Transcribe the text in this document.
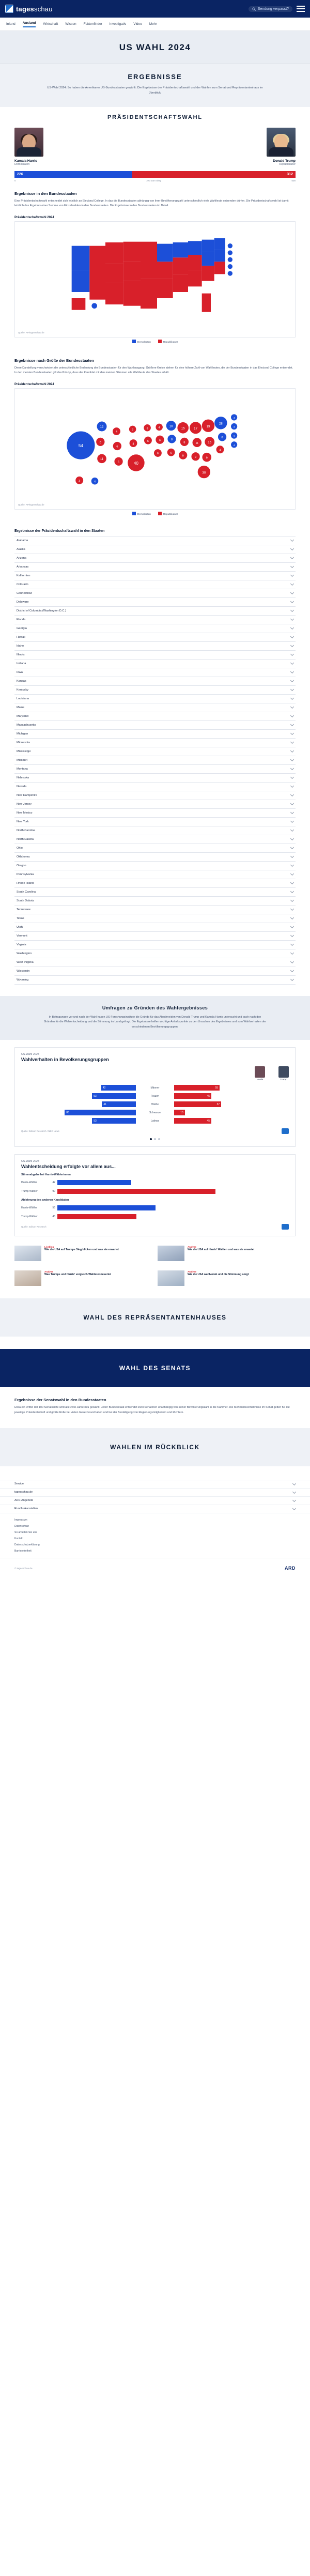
tagesschau	Sendung verpasst?
Inland Ausland Wirtschaft Wissen Faktenfinder Investigativ Video Mehr
US WAHL 2024
ERGEBNISSE

US-Wahl 2024: So haben die Amerikaner US-Bundesstaaten gewählt. Die Ergebnisse der Präsidentschaftswahl und der Wahlen zum Senat und Repräsentantenhaus im Überblick.

PRÄSIDENTSCHAFTSWAHL
Kamala Harris
Demokraten
Donald Trump
Republikaner
226	312
0	270 zum Sieg	538
Ergebnisse in den Bundesstaaten

Eine Präsidentschaftswahl entscheidet sich letztlich an Electoral College. In das die Bundesstaaten abhängig von ihrer Bevölkerungszahl unterschiedlich viele Wahlleute entsenden dürfen. Die Präsidentschaftswahl ist damit letztlich das Ergebnis einer Summe von Einzelwahlen in den Bundesstaaten. Die Ergebnisse in den Bundesstaaten im Detail.

Präsidentschaftswahl 2024
Quelle: AP/tagesschau.de
Demokraten	Republikaner
Ergebnisse nach Größe der Bundesstaaten

Diese Darstellung verschwistert die unterschiedliche Bedeutung der Bundesstaaten für den Wahlausgang. Größere Kreise stehen für eine höhere Zahl von Wahlleuten, die der Bundesstaaten in das Electoral College entsendet. In den meisten Bundesstaaten gilt das Prinzip, dass der Kandidat mit den meisten Stimmen alle Wahlleute des Staates erhält.

Präsidentschaftswahl 2024
54
12
6
11
4
6
5
3
4
40
3
6
4
6
6
10
8
6
15
8
9
17
11
9
19
16
9
30
28
8
4
4
3
3
4
3	4
Quelle: AP/tagesschau.de
Demokraten	Republikaner
Ergebnisse der Präsidentschaftswahl in den Staaten
Alabama
Alaska
Arizona
Arkansas
Kalifornien
Colorado
Connecticut
Delaware
District of Columbia (Washington D.C.)
Florida
Georgia
Hawaii
Idaho
Illinois
Indiana
Iowa
Kansas
Kentucky
Louisiana
Maine
Maryland
Massachusetts
Michigan
Minnesota
Mississippi
Missouri
Montana
Nebraska
Nevada
New Hampshire
New Jersey
New Mexico
New York
North Carolina
North Dakota
Ohio
Oklahoma
Oregon
Pennsylvania
Rhode Island
South Carolina
South Dakota
Tennessee
Texas
Utah
Vermont
Virginia
Washington
West Virginia
Wisconsin
Wyoming
Umfragen zu Gründen des Wahlergebnisses

In Befragungen vor und nach der Wahl haben US-Forschungsinstitute die Gründe für das Abschneiden von Donald Trump und Kamala Harris untersucht und auch nach den Gründen für die Wahlentscheidung und die Stimmung im Land gefragt. Die Ergebnisse helfen wichtige Anhaltspunkte zu den Ursachen des Ergebnisses und zum Wahlverhalten der verschiedenen Bevölkerungsgruppen.

US-Wahl 2024
Wahlverhalten in Bevölkerungsgruppen
Harris	Trump
42	Männer	55
53	Frauen	45
41	Weiße	57
86	Schwarze	13
53	Latinos	45
Quelle: Edison Research / NBC News
US-Wahl 2024
Wahlentscheidung erfolgte vor allem aus...
Stimmabgabe bei Harris-Wählerinnen
Harris-Wähler	42
Trump-Wähler	90
Ablehnung des anderen Kandidaten
Harris-Wähler	56
Trump-Wähler	45
Quelle: Edison Research
Liveblog
Wie die USA auf Trumps Sieg blicken und was sie erwartet
Analyse
Wie die USA auf Harris' Wahlen und was sie erwartet
Analyse
Was Trumps und Harris' vergleich-Wahlerei-neuerlei
Analyse
Wie die USA wahlvorab und die Stimmung sorgt
WAHL DES REPRÄSENTANTENHAUSES
WAHL DES SENATS
Ergebnisse der Senatswahl in den Bundesstaaten

Etwa ein Drittel der 100 Senatssitze wird alle zwei Jahre neu gewählt. Jeder Bundesstaat entsendet zwei Senatoren unabhängig von seiner Bevölkerungszahl in die Kammer. Die Mehrheitsverhältnisse im Senat gelten für die jeweilige Präsidentschaft und große Rolle bei vielen Gesetzesvorhaben und bei der Bestätigung von Regierungsmitgliedern und Richtern.

WAHLEN IM RÜCKBLICK
Service
tagesschau.de
ARD-Angebote
Rundfunkanstalten
Impressum
Datenschutz
So arbeiten Sie uns
Kontakt
Datenschutzerklärung
Barrierefreiheit
© tagesschau.de	ARD
